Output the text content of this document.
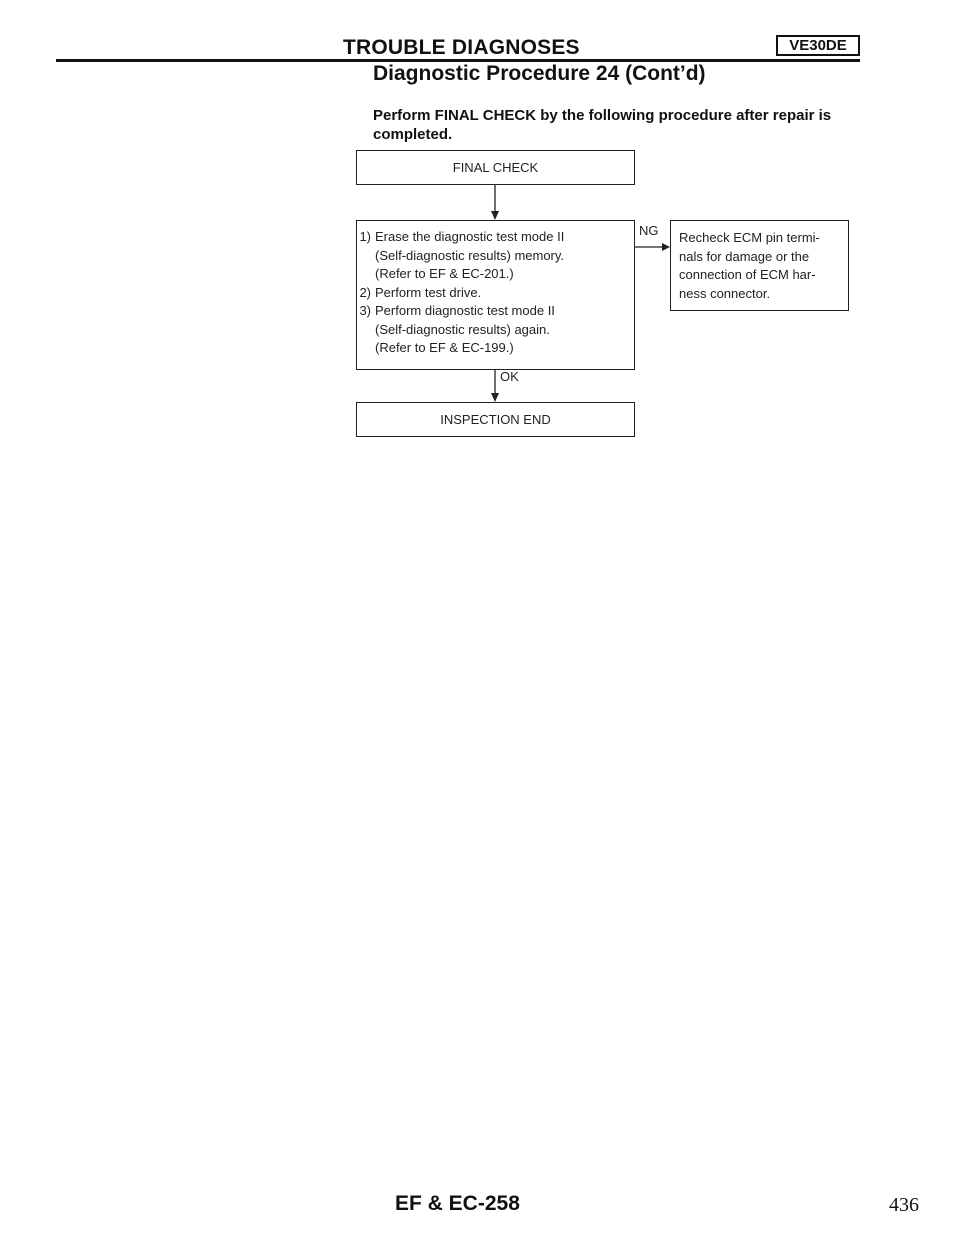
TROUBLE DIAGNOSES	VE30DE
Diagnostic Procedure 24 (Cont’d)
Perform FINAL CHECK by the following procedure after repair is completed.
FINAL CHECK
1) Erase the diagnostic test mode II
(Self-diagnostic results) memory.
(Refer to EF & EC-201.)
2) Perform test drive.
3) Perform diagnostic test mode II
(Self-diagnostic results) again.
(Refer to EF & EC-199.)
NG Recheck ECM pin termi-
nals for damage or the
connection of ECM har-
ness connector.
OK
INSPECTION END
EF & EC-258	436
